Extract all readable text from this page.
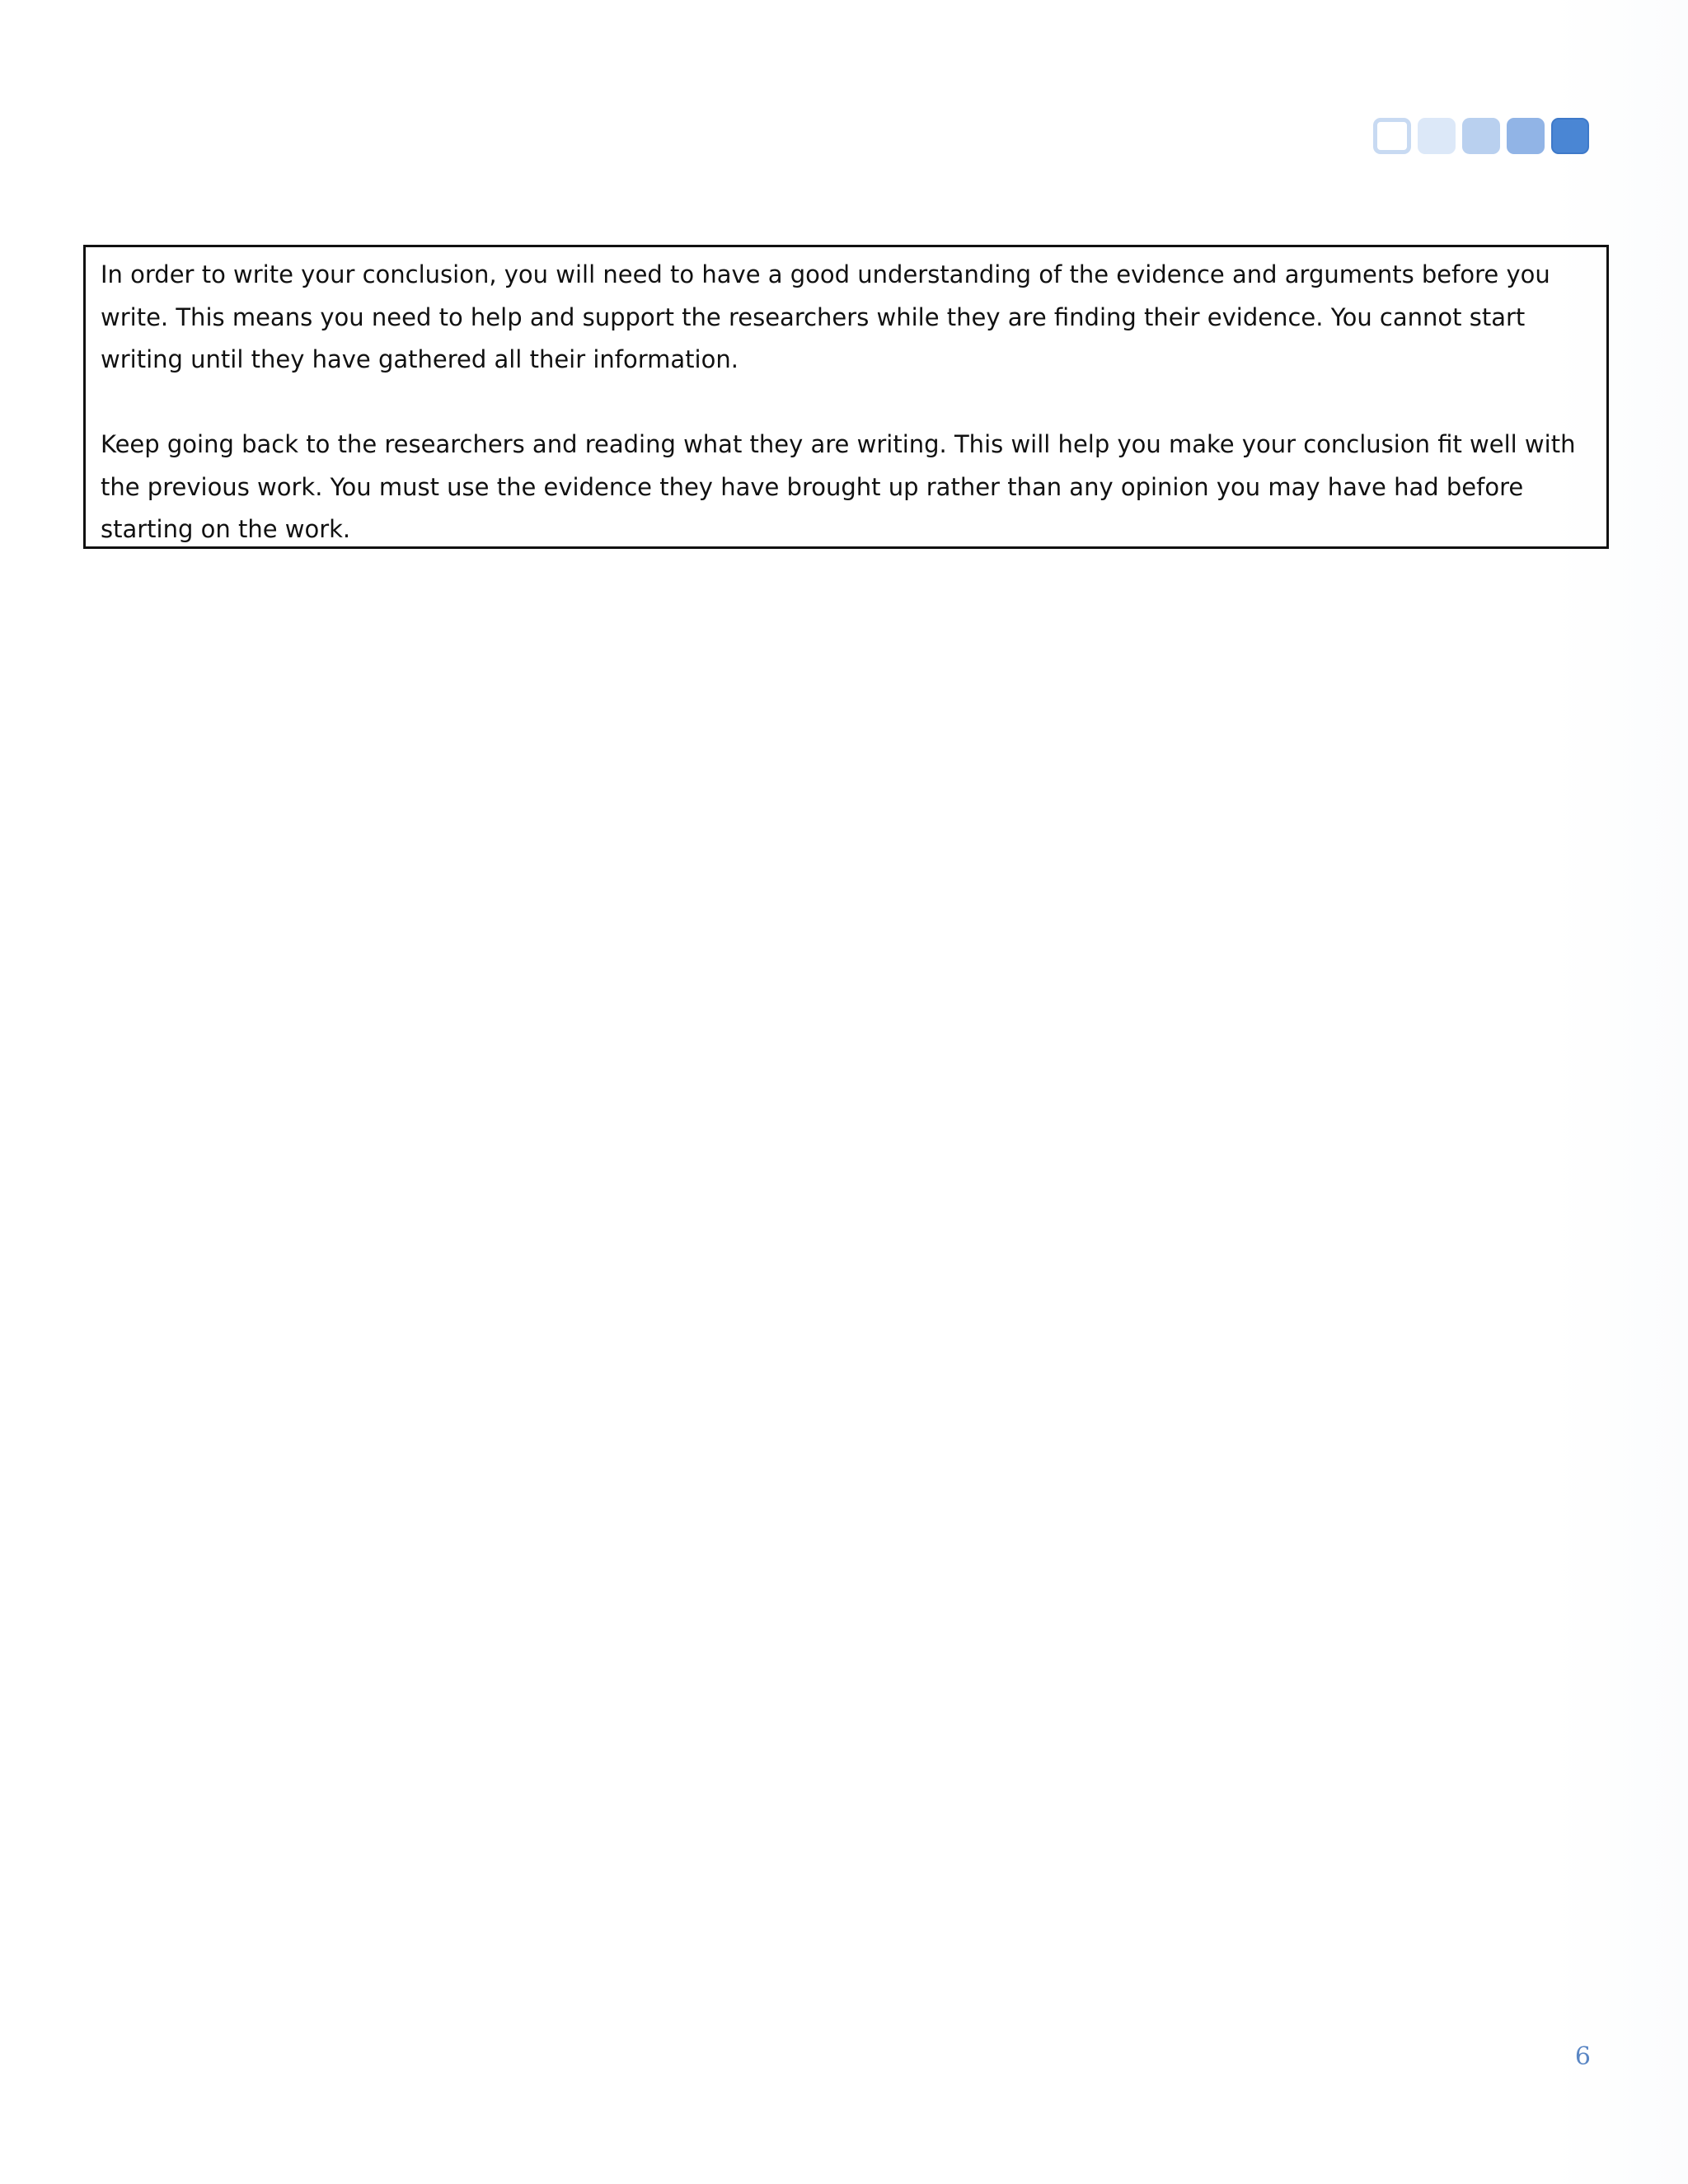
In order to write your conclusion, you will need to have a good understanding of the evidence and arguments before you write. This means you need to help and support the researchers while they are finding their evidence. You cannot start writing until they have gathered all their information.

Keep going back to the researchers and reading what they are writing. This will help you make your conclusion fit well with the previous work. You must use the evidence they have brought up rather than any opinion you may have had before starting on the work.

6
